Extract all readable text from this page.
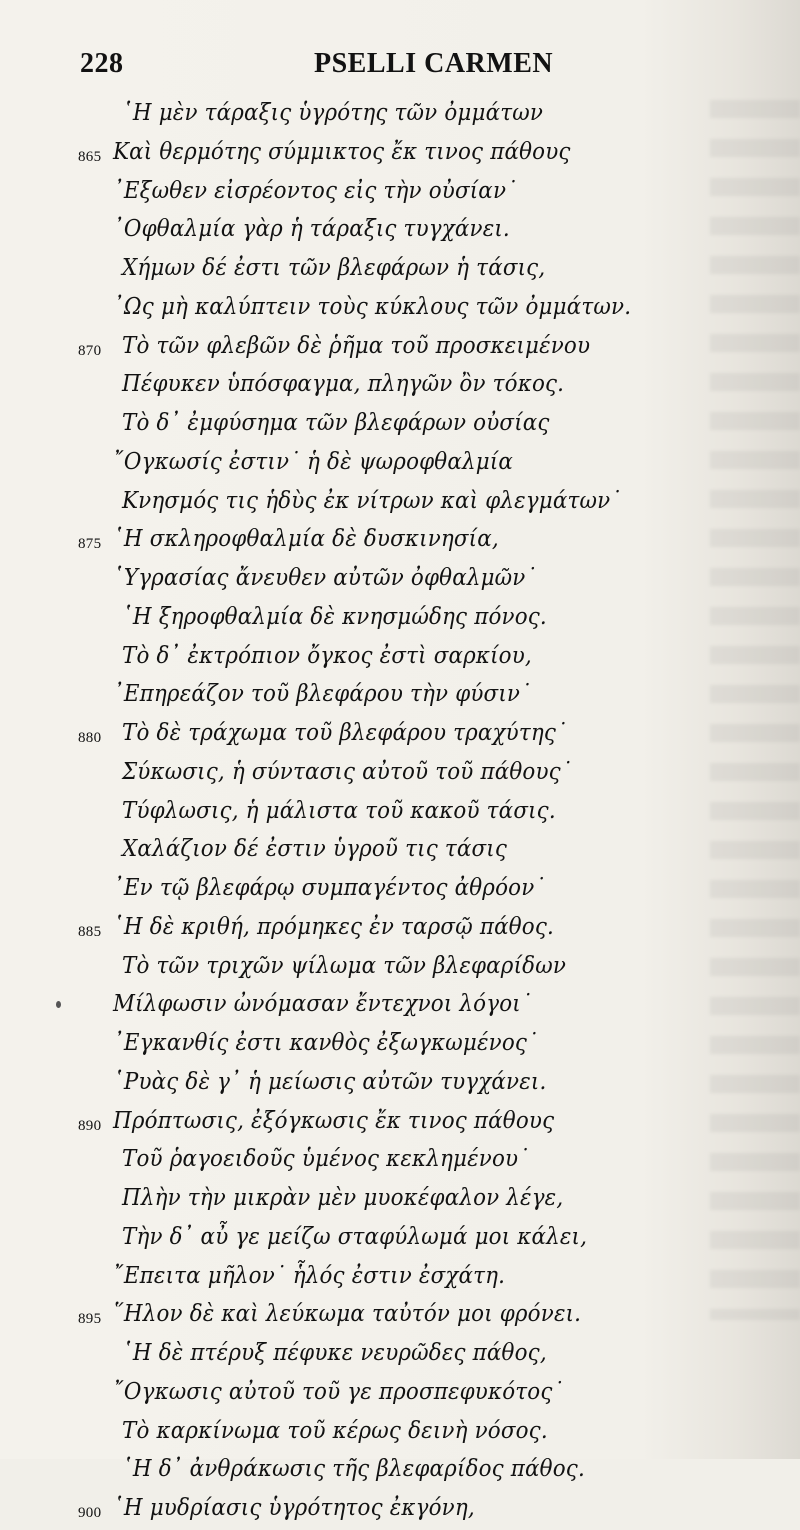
228	PSELLI CARMEN
῾Η μὲν τάραξις ὑγρότης τῶν ὀμμάτων
865 Καὶ θερμότης σύμμικτος ἔκ τινος πάθους
᾽Εξωθεν εἰσρέοντος εἰς τὴν οὐσίαν˙
᾽Οφθαλμία γὰρ ἡ τάραξις τυγχάνει.
Χήμων δέ ἐστι τῶν βλεφάρων ἡ τάσις,
᾽Ως μὴ καλύπτειν τοὺς κύκλους τῶν ὀμμάτων.
870 Τὸ τῶν φλεβῶν δὲ ῥῆμα τοῦ προσκειμένου
Πέφυκεν ὑπόσφαγμα, πληγῶν ὂν τόκος.
Τὸ δ᾽ ἐμφύσημα τῶν βλεφάρων οὐσίας
῎Ογκωσίς ἐστιν˙ ἡ δὲ ψωροφθαλμία
Κνησμός τις ἡδὺς ἐκ νίτρων καὶ φλεγμάτων˙
875 ῾Η σκληροφθαλμία δὲ δυσκινησία,
῾Υγρασίας ἄνευθεν αὐτῶν ὀφθαλμῶν˙
῾Η ξηροφθαλμία δὲ κνησμώδης πόνος.
Τὸ δ᾽ ἐκτρόπιον ὄγκος ἐστὶ σαρκίου,
᾽Επηρεάζον τοῦ βλεφάρου τὴν φύσιν˙
880 Τὸ δὲ τράχωμα τοῦ βλεφάρου τραχύτης˙
Σύκωσις, ἡ σύντασις αὐτοῦ τοῦ πάθους˙
Τύφλωσις, ἡ μάλιστα τοῦ κακοῦ τάσις.
Χαλάζιον δέ ἐστιν ὑγροῦ τις τάσις
᾽Εν τῷ βλεφάρῳ συμπαγέντος ἀθρόον˙
885 ῾Η δὲ κριθή, πρόμηκες ἐν ταρσῷ πάθος.
Τὸ τῶν τριχῶν ψίλωμα τῶν βλεφαρίδων
Μίλφωσιν ὠνόμασαν ἔντεχνοι λόγοι˙
᾽Εγκανθίς ἐστι κανθὸς ἐξωγκωμένος˙
῾Ρυὰς δὲ γ᾽ ἡ μείωσις αὐτῶν τυγχάνει.
890 Πρόπτωσις, ἐξόγκωσις ἔκ τινος πάθους
Τοῦ ῥαγοειδοῦς ὑμένος κεκλημένου˙
Πλὴν τὴν μικρὰν μὲν μυοκέφαλον λέγε,
Τὴν δ᾽ αὖ γε μείζω σταφύλωμά μοι κάλει,
῎Επειτα μῆλον˙ ἧλός ἐστιν ἐσχάτη.
895 ῞Ηλον δὲ καὶ λεύκωμα ταὐτόν μοι φρόνει.
῾Η δὲ πτέρυξ πέφυκε νευρῶδες πάθος,
῎Ογκωσις αὐτοῦ τοῦ γε προσπεφυκότος˙
Τὸ καρκίνωμα τοῦ κέρως δεινὴ νόσος.
῾Η δ᾽ ἀνθράκωσις τῆς βλεφαρίδος πάθος.
900 ῾Η μυδρίασις ὑγρότητος ἐκγόνη,
